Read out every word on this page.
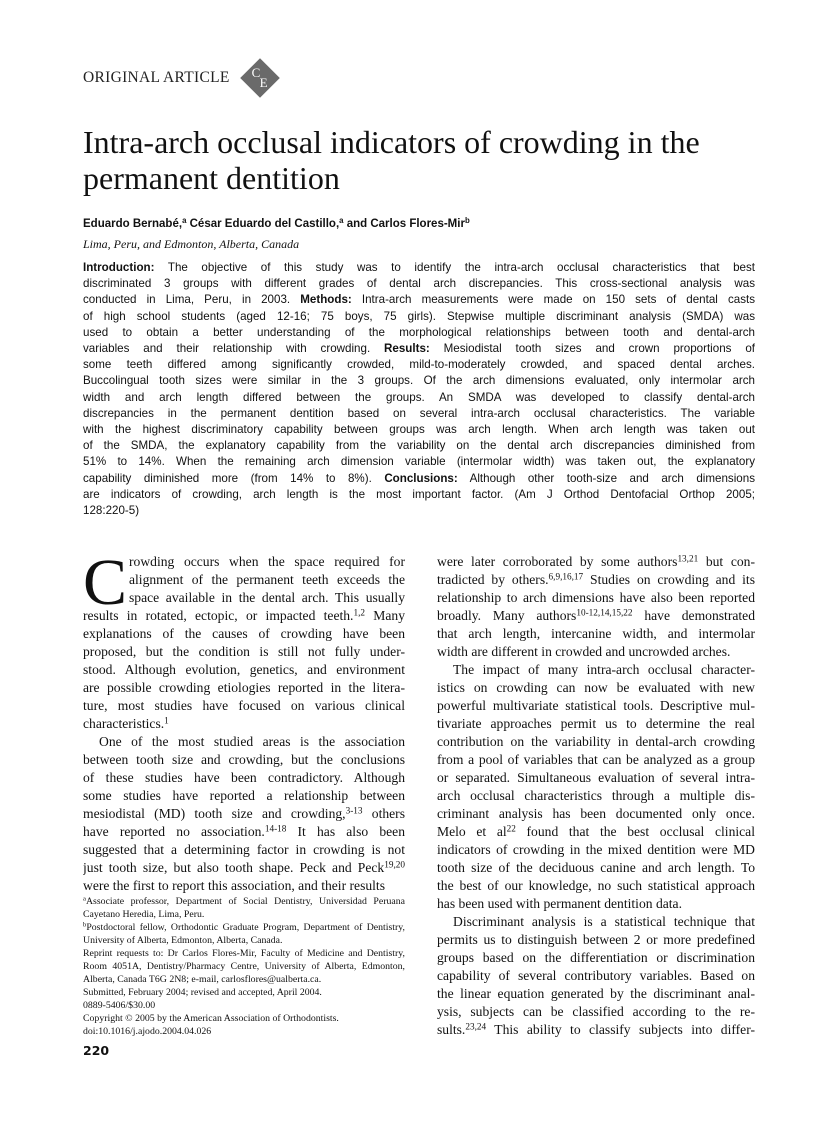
ORIGINAL ARTICLE C
E
Intra-arch occlusal indicators of crowding in the permanent dentition
Eduardo Bernabé,$^a$ César Eduardo del Castillo,$^a$ and Carlos Flores-Mir$^b$
Lima, Peru, and Edmonton, Alberta, Canada
Introduction: The objective of this study was to identify the intra-arch occlusal characteristics that best
discriminated 3 groups with different grades of dental arch discrepancies. This cross-sectional analysis was
conducted in Lima, Peru, in 2003. Methods: Intra-arch measurements were made on 150 sets of dental casts
of high school students (aged 12-16; 75 boys, 75 girls). Stepwise multiple discriminant analysis (SMDA) was
used to obtain a better understanding of the morphological relationships between tooth and dental-arch
variables and their relationship with crowding. Results: Mesiodistal tooth sizes and crown proportions of
some teeth differed among significantly crowded, mild-to-moderately crowded, and spaced dental arches.
Buccolingual tooth sizes were similar in the 3 groups. Of the arch dimensions evaluated, only intermolar arch
width and arch length differed between the groups. An SMDA was developed to classify dental-arch
discrepancies in the permanent dentition based on several intra-arch occlusal characteristics. The variable
with the highest discriminatory capability between groups was arch length. When arch length was taken out
of the SMDA, the explanatory capability from the variability on the dental arch discrepancies diminished from
51% to 14%. When the remaining arch dimension variable (intermolar width) was taken out, the explanatory
capability diminished more (from 14% to 8%). Conclusions: Although other tooth-size and arch dimensions
are indicators of crowding, arch length is the most important factor. (Am J Orthod Dentofacial Orthop 2005;
128:220-5)
C rowding occurs when the space required for
alignment of the permanent teeth exceeds the
space available in the dental arch. This usually
results in rotated, ectopic, or impacted teeth.$^{1,2}$ Many
explanations of the causes of crowding have been
proposed, but the condition is still not fully under-
stood. Although evolution, genetics, and environment
are possible crowding etiologies reported in the litera-
ture, most studies have focused on various clinical
characteristics.$^1$
One of the most studied areas is the association
between tooth size and crowding, but the conclusions
of these studies have been contradictory. Although
some studies have reported a relationship between
mesiodistal (MD) tooth size and crowding,$^{3-13}$ others
have reported no association.$^{14-18}$ It has also been
suggested that a determining factor in crowding is not
just tooth size, but also tooth shape. Peck and Peck$^{19,20}$
were the first to report this association, and their results
were later corroborated by some authors$^{13,21}$ but con-
tradicted by others.$^{6,9,16,17}$ Studies on crowding and its
relationship to arch dimensions have also been reported
broadly. Many authors$^{10-12,14,15,22}$ have demonstrated
that arch length, intercanine width, and intermolar
width are different in crowded and uncrowded arches.
The impact of many intra-arch occlusal character-
istics on crowding can now be evaluated with new
powerful multivariate statistical tools. Descriptive mul-
tivariate approaches permit us to determine the real
contribution on the variability in dental-arch crowding
from a pool of variables that can be analyzed as a group
or separated. Simultaneous evaluation of several intra-
arch occlusal characteristics through a multiple dis-
criminant analysis has been documented only once.
Melo et $al^{22}$ found that the best occlusal clinical
indicators of crowding in the mixed dentition were MD
tooth size of the deciduous canine and arch length. To
the best of our knowledge, no such statistical approach
has been used with permanent dentition data.
Discriminant analysis is a statistical technique that
permits us to distinguish between 2 or more predefined
groups based on the differentiation or discrimination
capability of several contributory variables. Based on
the linear equation generated by the discriminant anal-
ysis, subjects can be classified according to the re-
sults.$^{23,24}$ This ability to classify subjects into differ-
$^a$Associate professor, Department of Social Dentistry, Universidad Peruana
Cayetano Heredia, Lima, Peru.
$^b$Postdoctoral fellow, Orthodontic Graduate Program, Department of Dentistry,
University of Alberta, Edmonton, Alberta, Canada.
Reprint requests to: Dr Carlos Flores-Mir, Faculty of Medicine and Dentistry,
Room 4051A, Dentistry/Pharmacy Centre, University of Alberta, Edmonton,
Alberta, Canada T6G 2N8; e-mail, carlosflores@ualberta.ca.
Submitted, February 2004; revised and accepted, April 2004.
0889-5406/$30.00
Copyright © 2005 by the American Association of Orthodontists.
doi:10.1016/j.ajodo.2004.04.026
220
